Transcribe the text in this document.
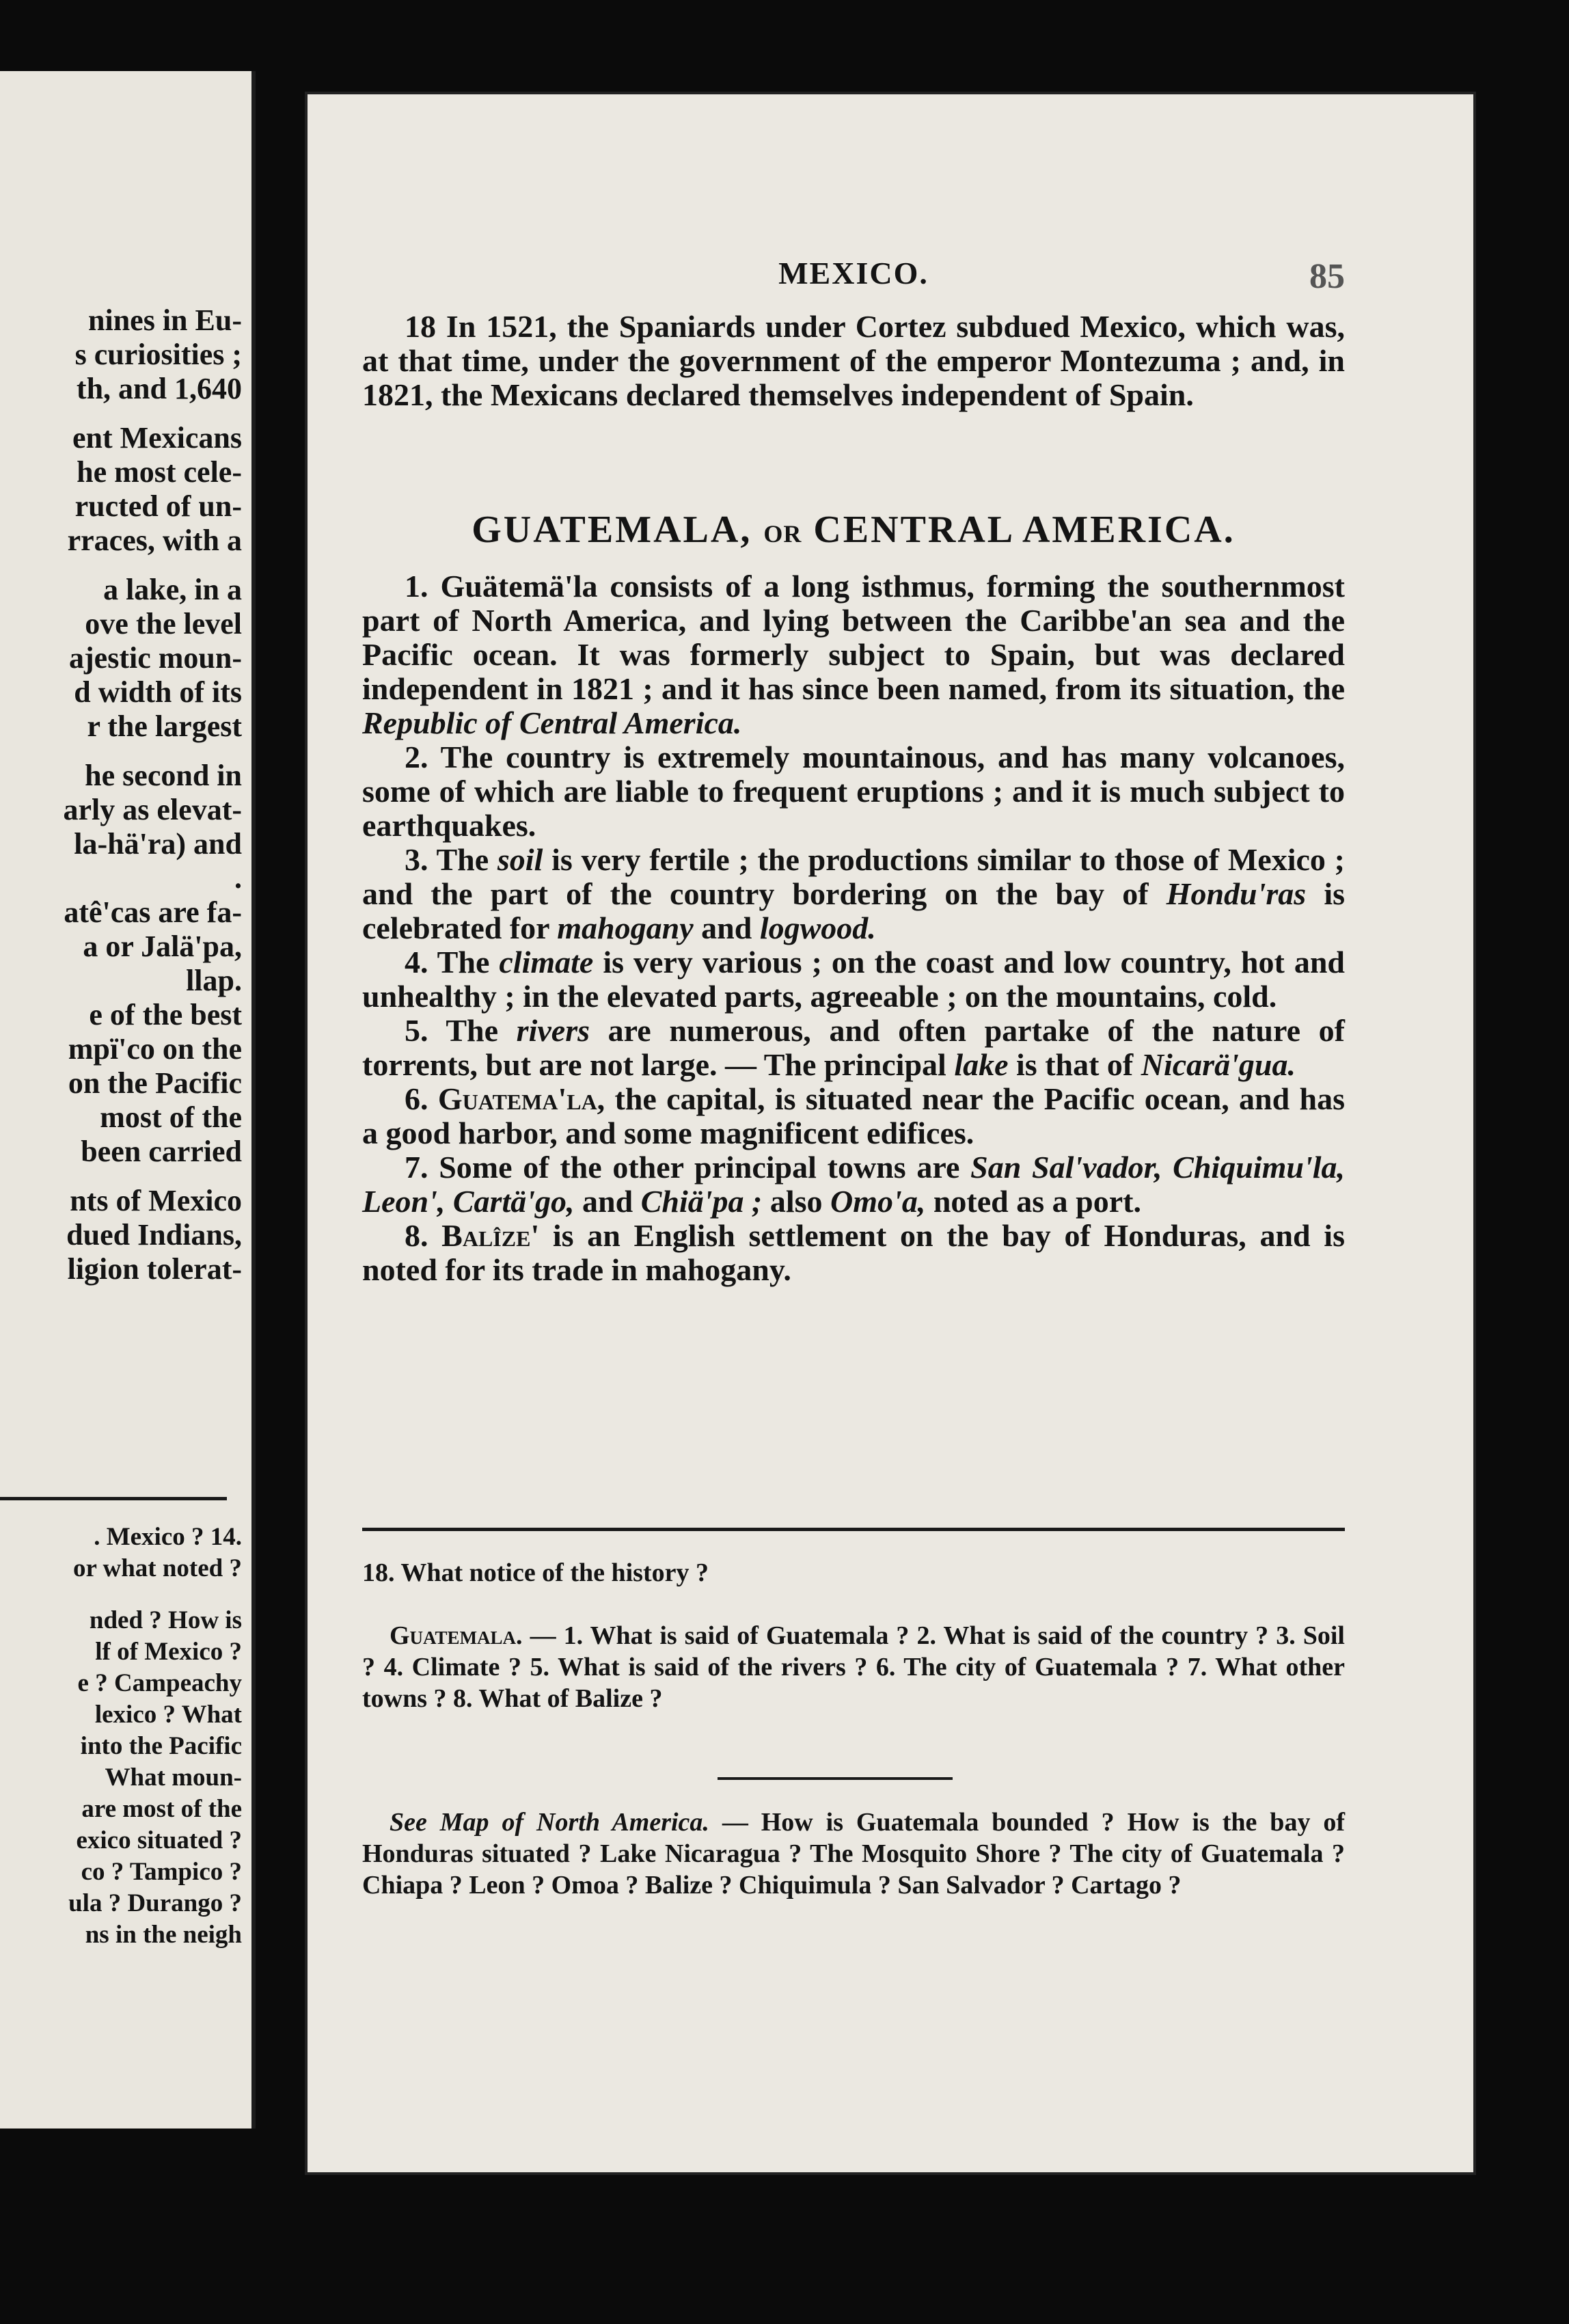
nines in Eu-
s curiosities ;
th, and 1,640
ent Mexicans
he most cele-
ructed of un-
rraces, with a
a lake, in a
ove the level
ajestic moun-
d width of its
r the largest
he second in
arly as elevat-
la-hä'ra) and
.
atê'cas are fa-
a or Jalä'pa,
llap.
e of the best
mpï'co on the
on the Pacific
most of the
been carried
nts of Mexico
dued Indians,
ligion tolerat-
. Mexico ? 14.
or what noted ?
nded ? How is
lf of Mexico ?
e ? Campeachy
lexico ? What
into the Pacific
What moun-
are most of the
exico situated ?
co ? Tampico ?
ula ? Durango ?
ns in the neigh
MEXICO.	85

18 In 1521, the Spaniards under Cortez subdued Mexico, which was, at that time, under the government of the emperor Montezuma ; and, in 1821, the Mexicans declared themselves independent of Spain.

GUATEMALA, OR CENTRAL AMERICA.

1. Guätemä'la consists of a long isthmus, forming the southernmost part of North America, and lying between the Caribbe'an sea and the Pacific ocean. It was formerly subject to Spain, but was declared independent in 1821 ; and it has since been named, from its situation, the Republic of Central America.

2. The country is extremely mountainous, and has many volcanoes, some of which are liable to frequent eruptions ; and it is much subject to earthquakes.

3. The soil is very fertile ; the productions similar to those of Mexico ; and the part of the country bordering on the bay of Hondu'ras is celebrated for mahogany and logwood.

4. The climate is very various ; on the coast and low country, hot and unhealthy ; in the elevated parts, agreeable ; on the mountains, cold.

5. The rivers are numerous, and often partake of the nature of torrents, but are not large. — The principal lake is that of Nicarä'gua.

6. Guatema'la, the capital, is situated near the Pacific ocean, and has a good harbor, and some magnificent edifices.

7. Some of the other principal towns are San Sal'vador, Chiquimu'la, Leon', Cartä'go, and Chiä'pa ; also Omo'a, noted as a port.

8. Balîze' is an English settlement on the bay of Honduras, and is noted for its trade in mahogany.

18. What notice of the history ?

Guatemala. — 1. What is said of Guatemala ? 2. What is said of the country ? 3. Soil ? 4. Climate ? 5. What is said of the rivers ? 6. The city of Guatemala ? 7. What other towns ? 8. What of Balize ?

See Map of North America. — How is Guatemala bounded ? How is the bay of Honduras situated ? Lake Nicaragua ? The Mosquito Shore ? The city of Guatemala ? Chiapa ? Leon ? Omoa ? Balize ? Chiquimula ? San Salvador ? Cartago ?
